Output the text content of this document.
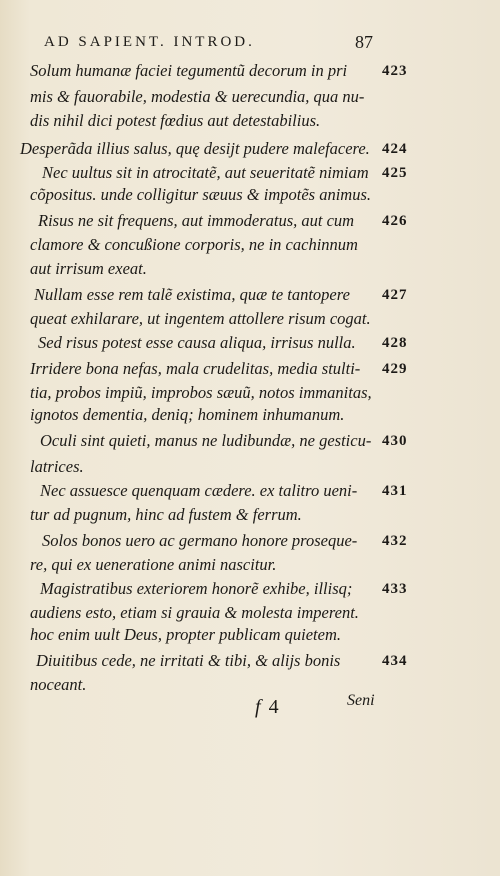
AD SAPIENT. INTROD.	87
Solum humanæ faciei tegumentũ decorum in pri 423
mis & fauorabile, modestia & uerecundia, qua nu-
dis nihil dici potest fœdius aut detestabilius.
Desperãda illius salus, quę desijt pudere malefacere. 424
Nec uultus sit in atrocitatẽ, aut seueritatẽ nimiam 425
cõpositus. unde colligitur sæuus & impotẽs animus.
Risus ne sit frequens, aut immoderatus, aut cum 426
clamore & concußione corporis, ne in cachinnum
aut irrisum exeat.
Nullam esse rem talẽ existima, quæ te tantopere 427
queat exhilarare, ut ingentem attollere risum cogat.
Sed risus potest esse causa aliqua, irrisus nulla. 428
Irridere bona nefas, mala crudelitas, media stulti- 429
tia, probos impiũ, improbos sæuũ, notos immanitas,
ignotos dementia, deniq; hominem inhumanum.
Oculi sint quieti, manus ne ludibundæ, ne gesticu- 430
latrices.
Nec assuesce quenquam cædere. ex talitro ueni- 431
tur ad pugnum, hinc ad fustem & ferrum.
Solos bonos uero ac germano honore proseque- 432
re, qui ex ueneratione animi nascitur.
Magistratibus exteriorem honorẽ exhibe, illisq; 433
audiens esto, etiam si grauia & molesta imperent.
hoc enim uult Deus, propter publicam quietem.
Diuitibus cede, ne irritati & tibi, & alijs bonis	434
noceant.
f 4	Seni
